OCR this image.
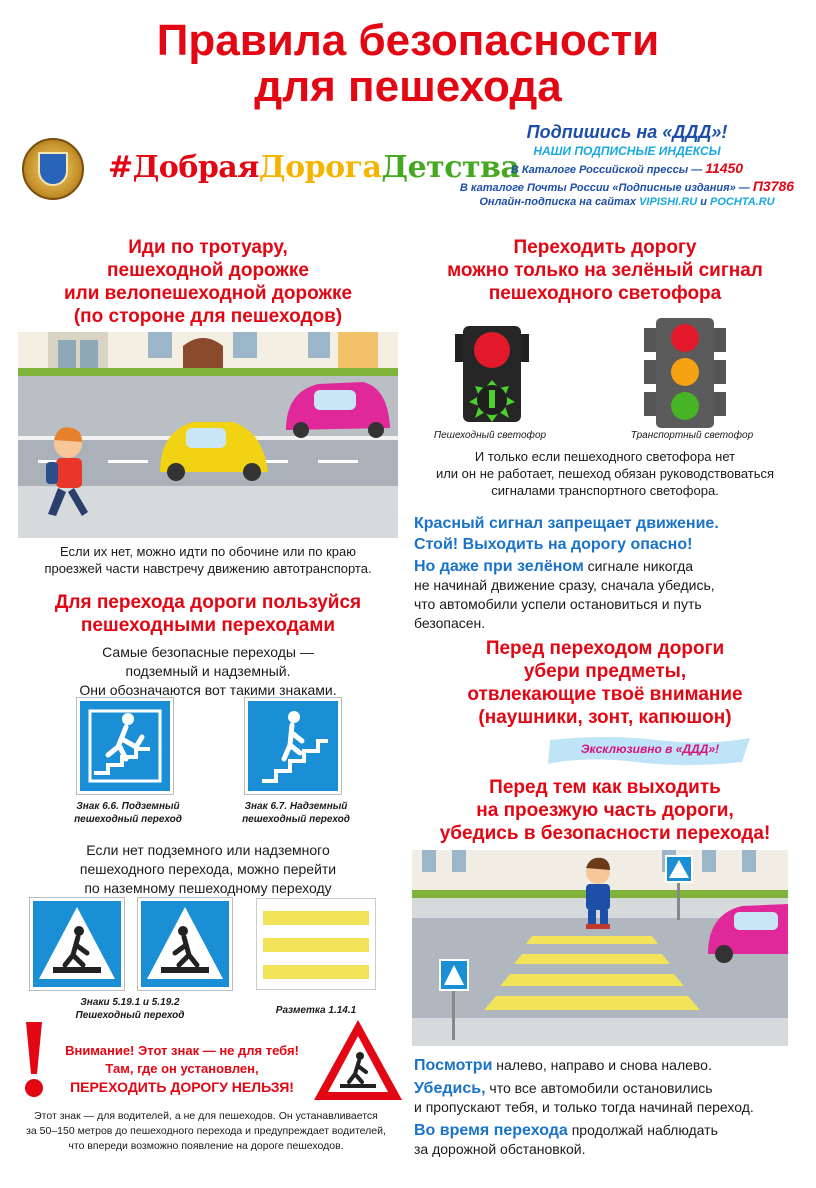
Правила безопасности
для пешехода
#ДобраяДорогаДетства
Подпишись на «ДДД»!
НАШИ ПОДПИСНЫЕ ИНДЕКСЫ
В Каталоге Российской прессы — 11450
В каталоге Почты России «Подписные издания» — П3786
Онлайн-подписка на сайтах VIPISHI.RU и POCHTA.RU
Иди по тротуару,
пешеходной дорожке
или велопешеходной дорожке
(по стороне для пешеходов)
Если их нет, можно идти по обочине или по краю
проезжей части навстречу движению автотранспорта.
Переходить дорогу
можно только на зелёный сигнал
пешеходного светофора
Пешеходный светофор	Транспортный светофор
И только если пешеходного светофора нет
или он не работает, пешеход обязан руководствоваться
сигналами транспортного светофора.
Красный сигнал запрещает движение.
Стой! Выходить на дорогу опасно!
Но даже при зелёном сигнале никогда
не начинай движение сразу, сначала убедись,
что автомобили успели остановиться и путь
безопасен.
Для перехода дороги пользуйся
пешеходными переходами
Самые безопасные переходы —
подземный и надземный.
Они обозначаются вот такими знаками.
Знак 6.6. Подземный
пешеходный переход
Знак 6.7. Надземный
пешеходный переход
Если нет подземного или надземного
пешеходного перехода, можно перейти
по наземному пешеходному переходу
Знаки 5.19.1 и 5.19.2
Пешеходный переход	Разметка 1.14.1
Внимание! Этот знак — не для тебя!
Там, где он установлен,
ПЕРЕХОДИТЬ ДОРОГУ НЕЛЬЗЯ!
Этот знак — для водителей, а не для пешеходов. Он устанавливается
за 50–150 метров до пешеходного перехода и предупреждает водителей,
что впереди возможно появление на дороге пешеходов.
Перед переходом дороги
убери предметы,
отвлекающие твоё внимание
(наушники, зонт, капюшон)
Эксклюзивно в «ДДД»!
Перед тем как выходить
на проезжую часть дороги,
убедись в безопасности перехода!
Посмотри налево, направо и снова налево.
Убедись, что все автомобили остановились
и пропускают тебя, и только тогда начинай переход.
Во время перехода продолжай наблюдать
за дорожной обстановкой.
